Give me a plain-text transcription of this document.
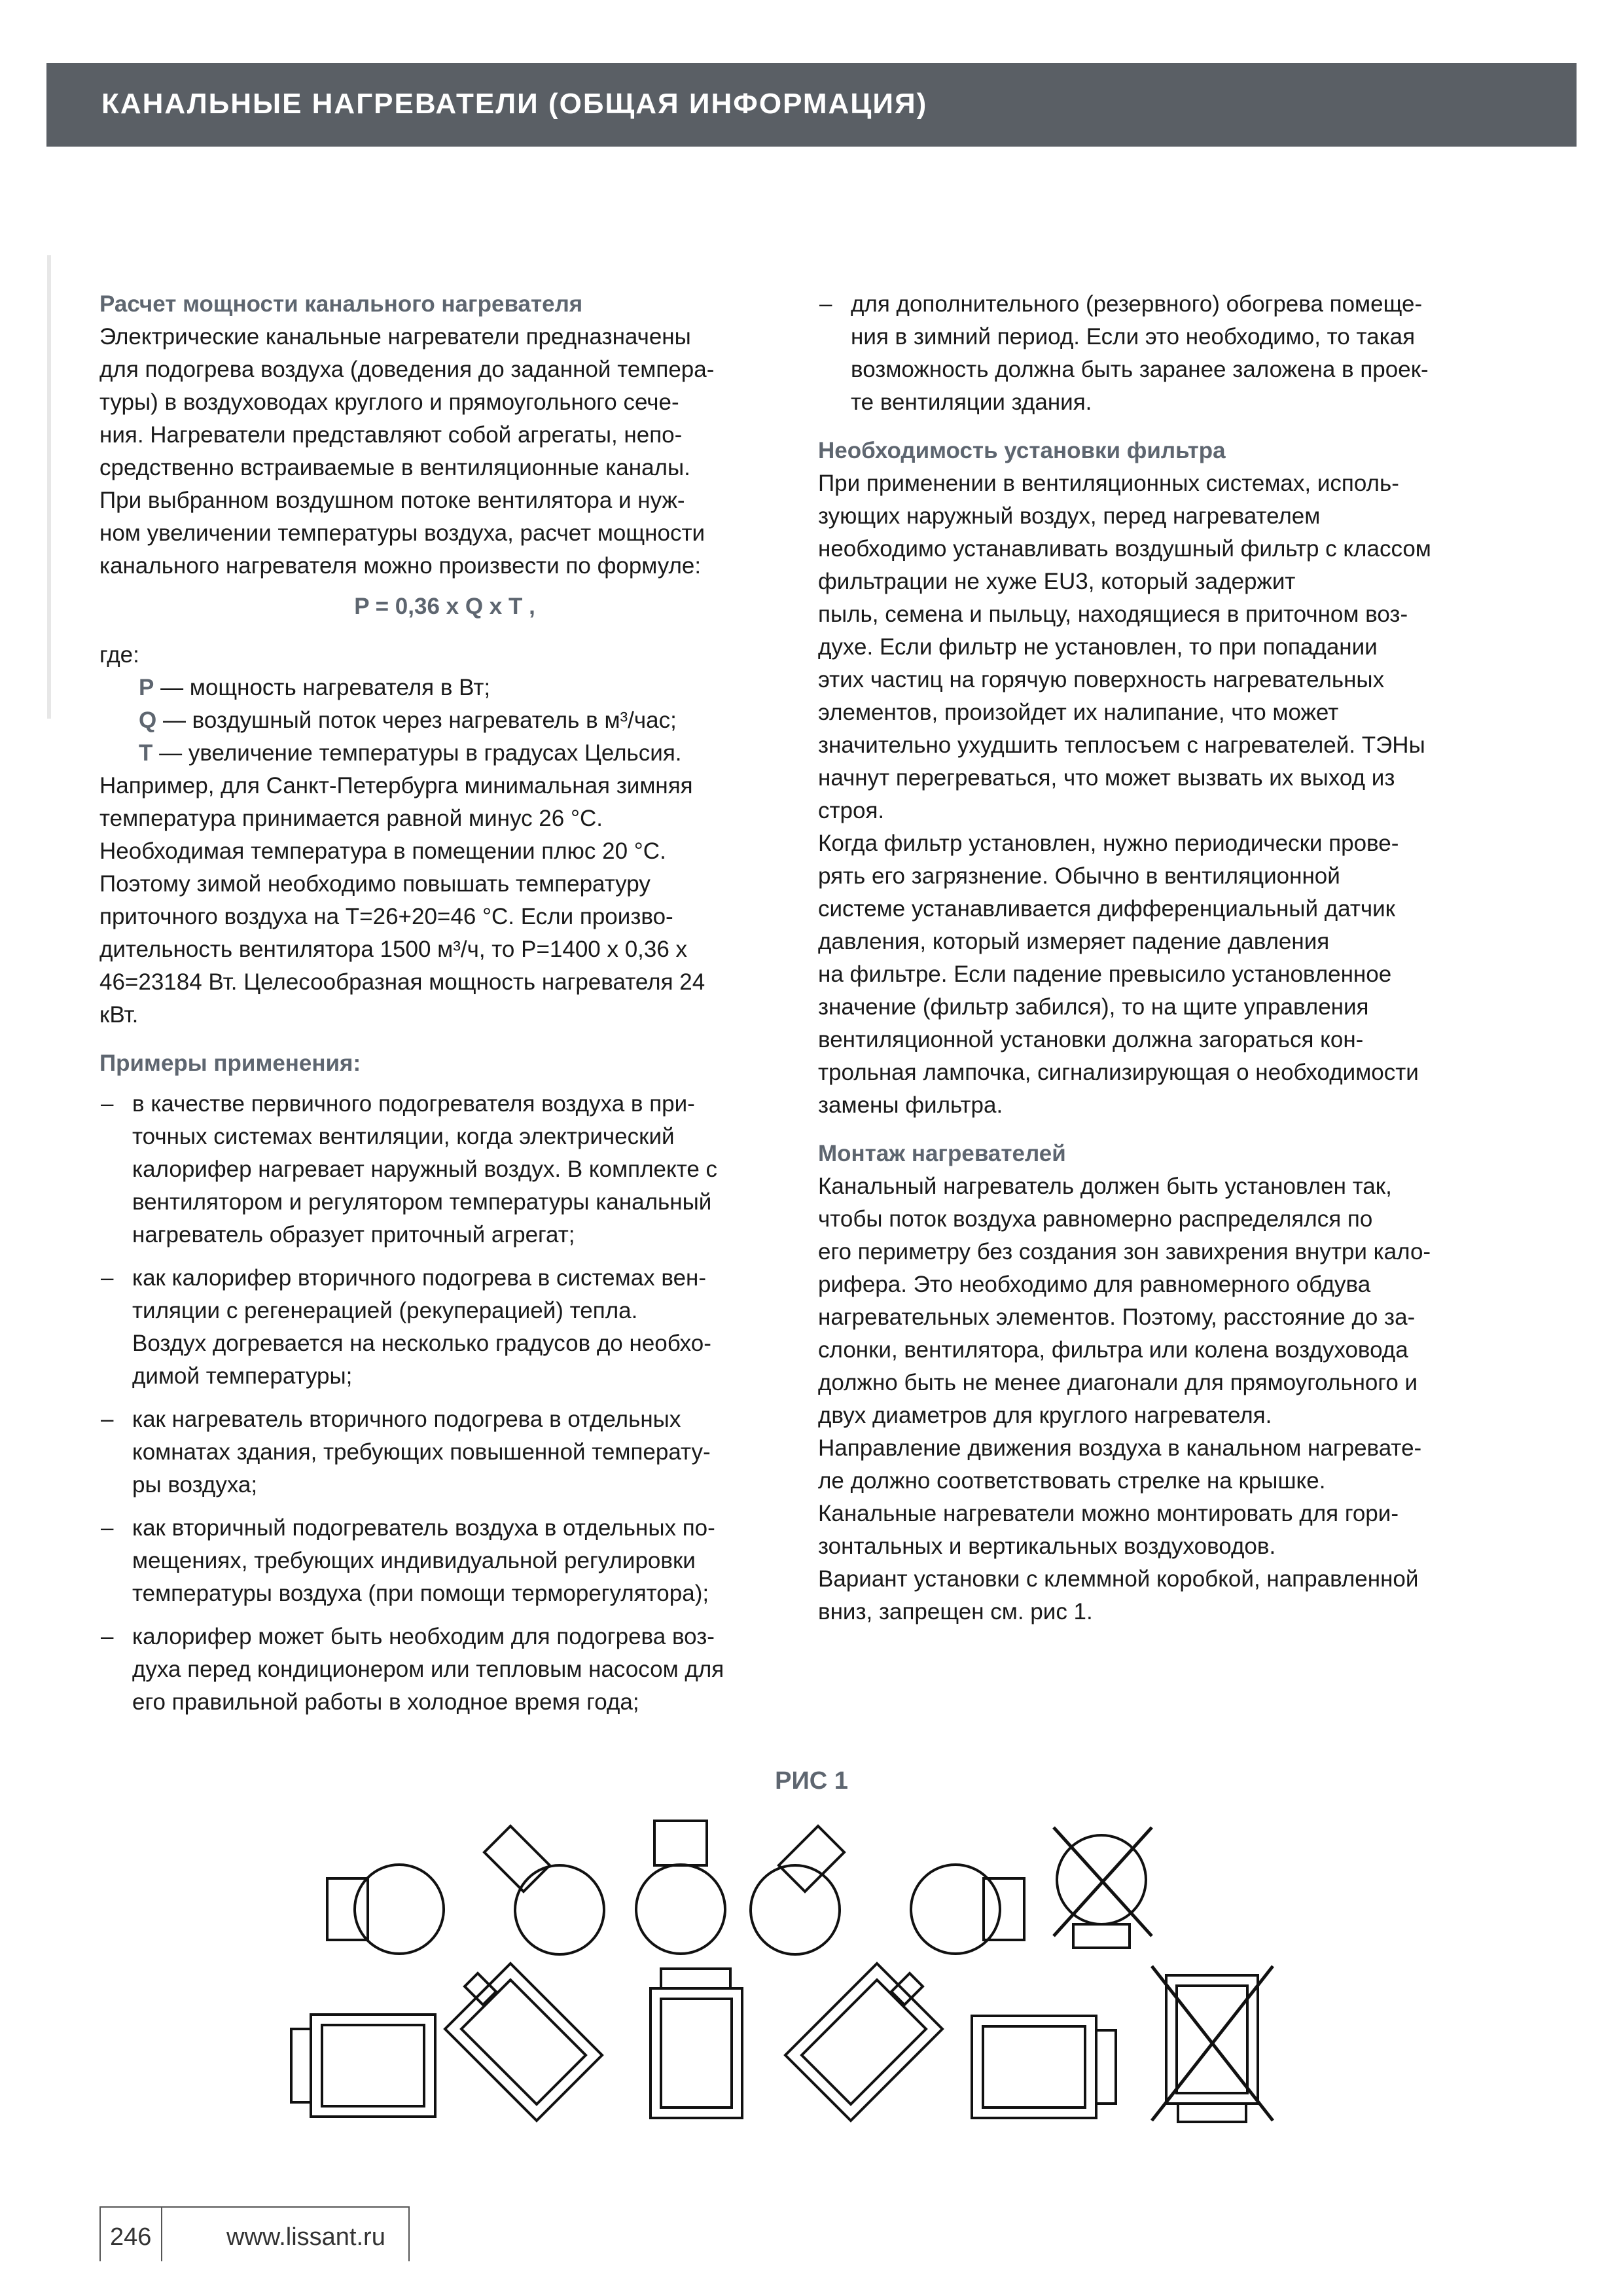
КАНАЛЬНЫЕ НАГРЕВАТЕЛИ (ОБЩАЯ ИНФОРМАЦИЯ)

Расчет мощности канального нагревателя

Электрические канальные нагреватели предназначены
для подогрева воздуха (доведения до заданной темпера-
туры) в воздуховодах круглого и прямоугольного сече-
ния. Нагреватели представляют собой агрегаты, непо-
средственно встраиваемые в вентиляционные каналы.
При выбранном воздушном потоке вентилятора и нуж-
ном увеличении температуры воздуха, расчет мощности
канального нагревателя можно произвести по формуле:

P = 0,36 x Q x T ,

где:

P — мощность нагревателя в Вт;
Q — воздушный поток через нагреватель в м³/час;
T — увеличение температуры в градусах Цельсия.
Например, для Санкт-Петербурга минимальная зимняя
температура принимается равной минус 26 °С.
Необходимая температура в помещении плюс 20 °С.
Поэтому зимой необходимо повышать температуру
приточного воздуха на Т=26+20=46 °С. Если произво-
дительность вентилятора 1500 м³/ч, то Р=1400 х 0,36 х
46=23184 Вт. Целесообразная мощность нагревателя 24
кВт.

Примеры применения:

– в качестве первичного подогревателя воздуха в при-
точных системах вентиляции, когда электрический
калорифер нагревает наружный воздух. В комплекте с
вентилятором и регулятором температуры канальный
нагреватель образует приточный агрегат;
– как калорифер вторичного подогрева в системах вен-
тиляции с регенерацией (рекуперацией) тепла.
Воздух догревается на несколько градусов до необхо-
димой температуры;
– как нагреватель вторичного подогрева в отдельных
комнатах здания, требующих повышенной температу-
ры воздуха;
– как вторичный подогреватель воздуха в отдельных по-
мещениях, требующих индивидуальной регулировки
температуры воздуха (при помощи терморегулятора);
– калорифер может быть необходим для подогрева воз-
духа перед кондиционером или тепловым насосом для
его правильной работы в холодное время года;
– для дополнительного (резервного) обогрева помеще-
ния в зимний период. Если это необходимо, то такая
возможность должна быть заранее заложена в проек-
те вентиляции здания.

Необходимость установки фильтра

При применении в вентиляционных системах, исполь-
зующих наружный воздух, перед нагревателем
необходимо устанавливать воздушный фильтр с классом
фильтрации не хуже EU3, который задержит
пыль, семена и пыльцу, находящиеся в приточном воз-
духе. Если фильтр не установлен, то при попадании
этих частиц на горячую поверхность нагревательных
элементов, произойдет их налипание, что может
значительно ухудшить теплосъем с нагревателей. ТЭНы
начнут перегреваться, что может вызвать их выход из
строя.
Когда фильтр установлен, нужно периодически прове-
рять его загрязнение. Обычно в вентиляционной
системе устанавливается дифференциальный датчик
давления, который измеряет падение давления
на фильтре. Если падение превысило установленное
значение (фильтр забился), то на щите управления
вентиляционной установки должна загораться кон-
трольная лампочка, сигнализирующая о необходимости
замены фильтра.

Монтаж нагревателей

Канальный нагреватель должен быть установлен так,
чтобы поток воздуха равномерно распределялся по
его периметру без создания зон завихрения внутри кало-
рифера. Это необходимо для равномерного обдува
нагревательных элементов. Поэтому, расстояние до за-
слонки, вентилятора, фильтра или колена воздуховода
должно быть не менее диагонали для прямоугольного и
двух диаметров для круглого нагревателя.
Направление движения воздуха в канальном нагревате-
ле должно соответствовать стрелке на крышке.
Канальные нагреватели можно монтировать для гори-
зонтальных и вертикальных воздуховодов.
Вариант установки с клеммной коробкой, направленной
вниз, запрещен см. рис 1.
РИС 1
246	www.lissant.ru
